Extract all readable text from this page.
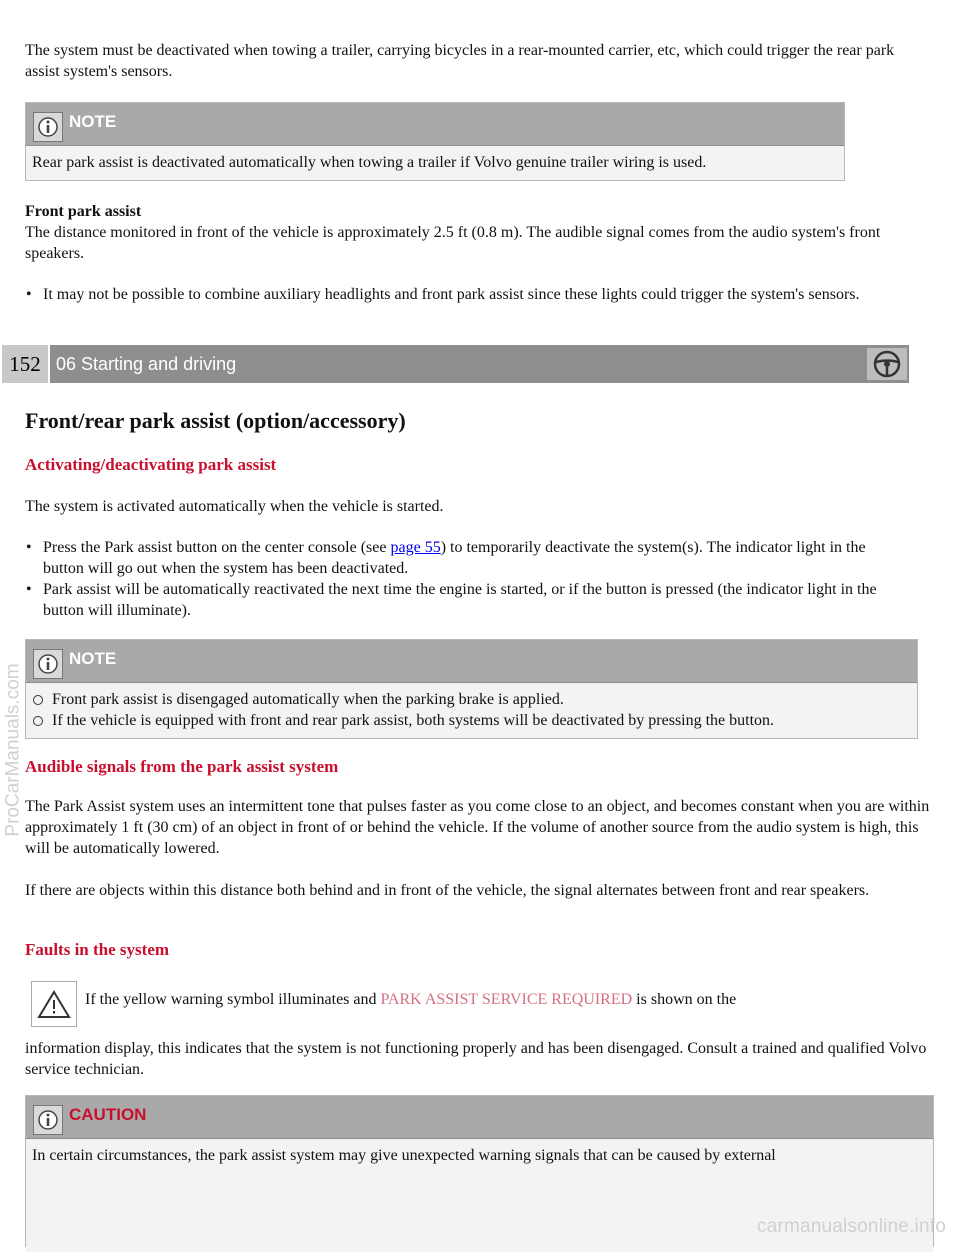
ProCarManuals.com

The system must be deactivated when towing a trailer, carrying bicycles in a rear-mounted carrier, etc, which could trigger the rear park assist system's sensors.

NOTE
Rear park assist is deactivated automatically when towing a trailer if Volvo genuine trailer wiring is used.

Front park assist

The distance monitored in front of the vehicle is approximately 2.5 ft (0.8 m). The audible signal comes from the audio system's front speakers.

• It may not be possible to combine auxiliary headlights and front park assist since these lights could trigger the system's sensors.

152 06 Starting and driving
Front/rear park assist (option/accessory)
Activating/deactivating park assist

The system is activated automatically when the vehicle is started.

• Press the Park assist button on the center console (see page 55) to temporarily deactivate the system(s). The indicator light in the button will go out when the system has been deactivated.

• Park assist will be automatically reactivated the next time the engine is started, or if the button is pressed (the indicator light in the button will illuminate).

NOTE
Front park assist is disengaged automatically when the parking brake is applied.
If the vehicle is equipped with front and rear park assist, both systems will be deactivated by pressing the button.
Audible signals from the park assist system

The Park Assist system uses an intermittent tone that pulses faster as you come close to an object, and becomes constant when you are within approximately 1 ft (30 cm) of an object in front of or behind the vehicle. If the volume of another source from the audio system is high, this will be automatically lowered.

If there are objects within this distance both behind and in front of the vehicle, the signal alternates between front and rear speakers.

Faults in the system

If the yellow warning symbol illuminates and PARK ASSIST SERVICE REQUIRED is shown on the

information display, this indicates that the system is not functioning properly and has been disengaged. Consult a trained and qualified Volvo service technician.

CAUTION
In certain circumstances, the park assist system may give unexpected warning signals that can be caused by external
carmanualsonline.info
